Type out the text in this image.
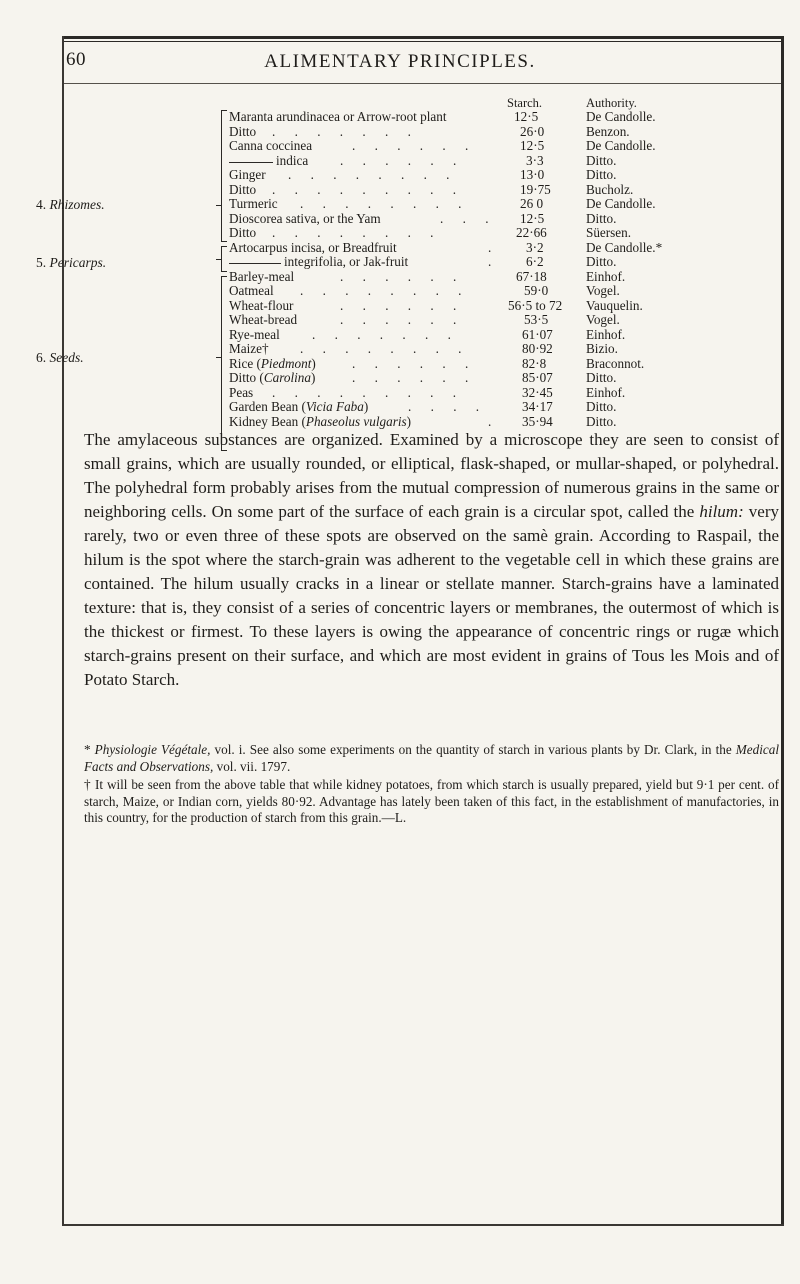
60	ALIMENTARY PRINCIPLES.
Starch.	Authority.
4. Rhizomes.
5. Pericarps.
6. Seeds.
Maranta arundinacea or Arrow-root plant	12·5	De Candolle.
Ditto . . . . . . .	26·0	Benzon.
Canna coccinea	. . . . . .	12·5	De Candolle.
indica . . . . . .	3·3	Ditto.
Ginger . . . . . . . .	13·0	Ditto.
Ditto . . . . . . . . .	19·75	Bucholz.
Turmeric . . . . . . . .	26 0	De Candolle.
Dioscorea sativa, or the Yam	. . . 12·5	Ditto.
Ditto . . . . . . . .	22·66	Süersen.
Artocarpus incisa, or Breadfruit	. 3·2	De Candolle.*
integrifolia, or Jak-fruit	. 6·2	Ditto.
Barley-meal	. . . . . .	67·18	Einhof.
Oatmeal . . . . . . . .	59·0	Vogel.
Wheat-flour	. . . . . .	56·5 to 72 Vauquelin.
Wheat-bread	. . . . . .	53·5	Vogel.
Rye-meal . . . . . . .	61·07	Einhof.
Maize† . . . . . . . .	80·92	Bizio.
Rice (Piedmont)	. . . . . .	82·8	Braconnot.
Ditto (Carolina)	. . . . . .	85·07	Ditto.
Peas . . . . . . . . .	32·45	Einhof.
Garden Bean (Vicia Faba)	. . . .	34·17	Ditto.
Kidney Bean (Phaseolus vulgaris)	. 35·94	Ditto.
The amylaceous substances are organized. Examined by a microscope they are seen to consist of small grains, which are usually rounded, or elliptical, flask-shaped, or mullar-shaped, or polyhedral. The polyhedral form probably arises from the mutual compression of numerous grains in the same or neighboring cells. On some part of the surface of each grain is a circular spot, called the hilum: very rarely, two or even three of these spots are observed on the samè grain. According to Raspail, the hilum is the spot where the starch-grain was adherent to the vegetable cell in which these grains are contained. The hilum usually cracks in a linear or stellate manner. Starch-grains have a laminated texture: that is, they consist of a series of concentric layers or membranes, the outermost of which is the thickest or firmest. To these layers is owing the appearance of concentric rings or rugæ which starch-grains present on their surface, and which are most evident in grains of Tous les Mois and of Potato Starch.

* Physiologie Végétale, vol. i. See also some experiments on the quantity of starch in various plants by Dr. Clark, in the Medical Facts and Observations, vol. vii. 1797.

† It will be seen from the above table that while kidney potatoes, from which starch is usually prepared, yield but 9·1 per cent. of starch, Maize, or Indian corn, yields 80·92. Advantage has lately been taken of this fact, in the establishment of manufactories, in this country, for the production of starch from this grain.—L.
